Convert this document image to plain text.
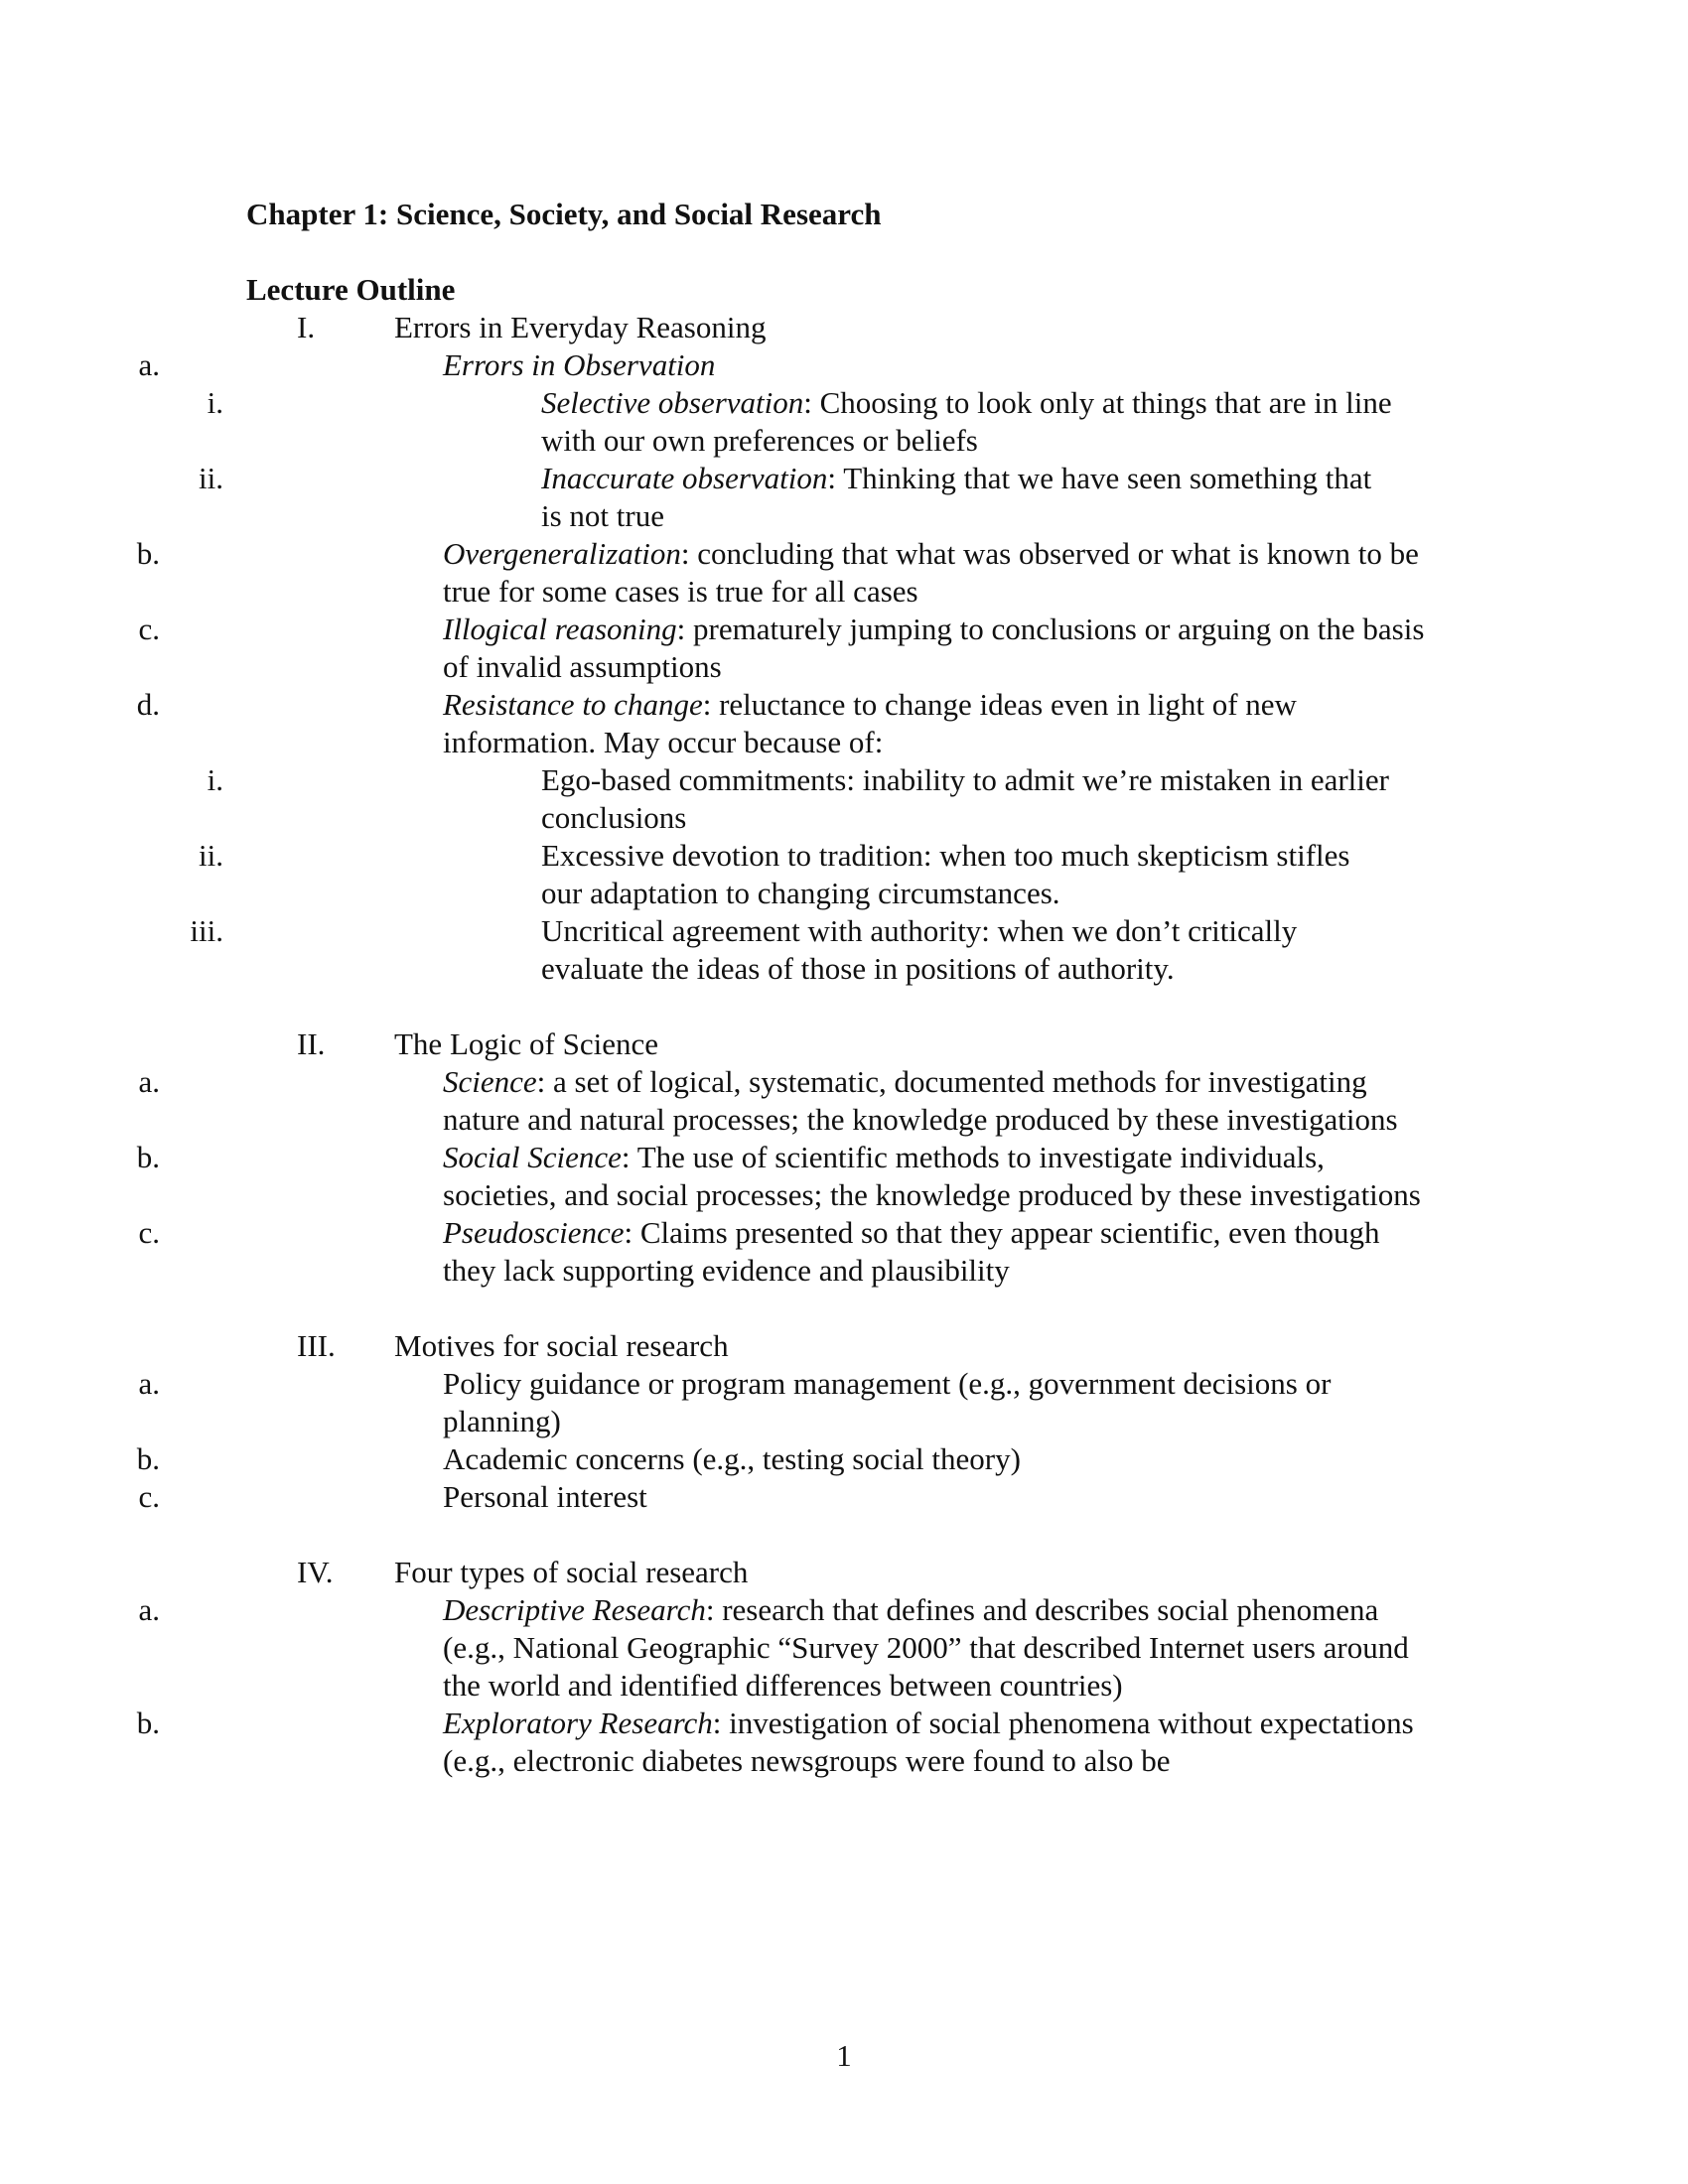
Chapter 1: Science, Society, and Social Research
Lecture Outline
I.	Errors in Everyday Reasoning
a.	Errors in Observation
i.	Selective observation: Choosing to look only at things that are in line with our own preferences or beliefs
ii.	Inaccurate observation: Thinking that we have seen something that is not true
b.	Overgeneralization: concluding that what was observed or what is known to be true for some cases is true for all cases
c.	Illogical reasoning: prematurely jumping to conclusions or arguing on the basis of invalid assumptions
d.	Resistance to change: reluctance to change ideas even in light of new information. May occur because of:
i.	Ego-based commitments: inability to admit we’re mistaken in earlier conclusions
ii.	Excessive devotion to tradition: when too much skepticism stifles our adaptation to changing circumstances.
iii.	Uncritical agreement with authority: when we don’t critically evaluate the ideas of those in positions of authority.
II. The Logic of Science
a.	Science: a set of logical, systematic, documented methods for investigating nature and natural processes; the knowledge produced by these investigations
b.	Social Science: The use of scientific methods to investigate individuals, societies, and social processes; the knowledge produced by these investigations
c.	Pseudoscience: Claims presented so that they appear scientific, even though they lack supporting evidence and plausibility
III. Motives for social research
a.	Policy guidance or program management (e.g., government decisions or planning)
b.	Academic concerns (e.g., testing social theory)
c.	Personal interest
IV. Four types of social research
a.	Descriptive Research: research that defines and describes social phenomena (e.g., National Geographic “Survey 2000” that described Internet users around the world and identified differences between countries)
b.	Exploratory Research: investigation of social phenomena without expectations (e.g., electronic diabetes newsgroups were found to also be
1
